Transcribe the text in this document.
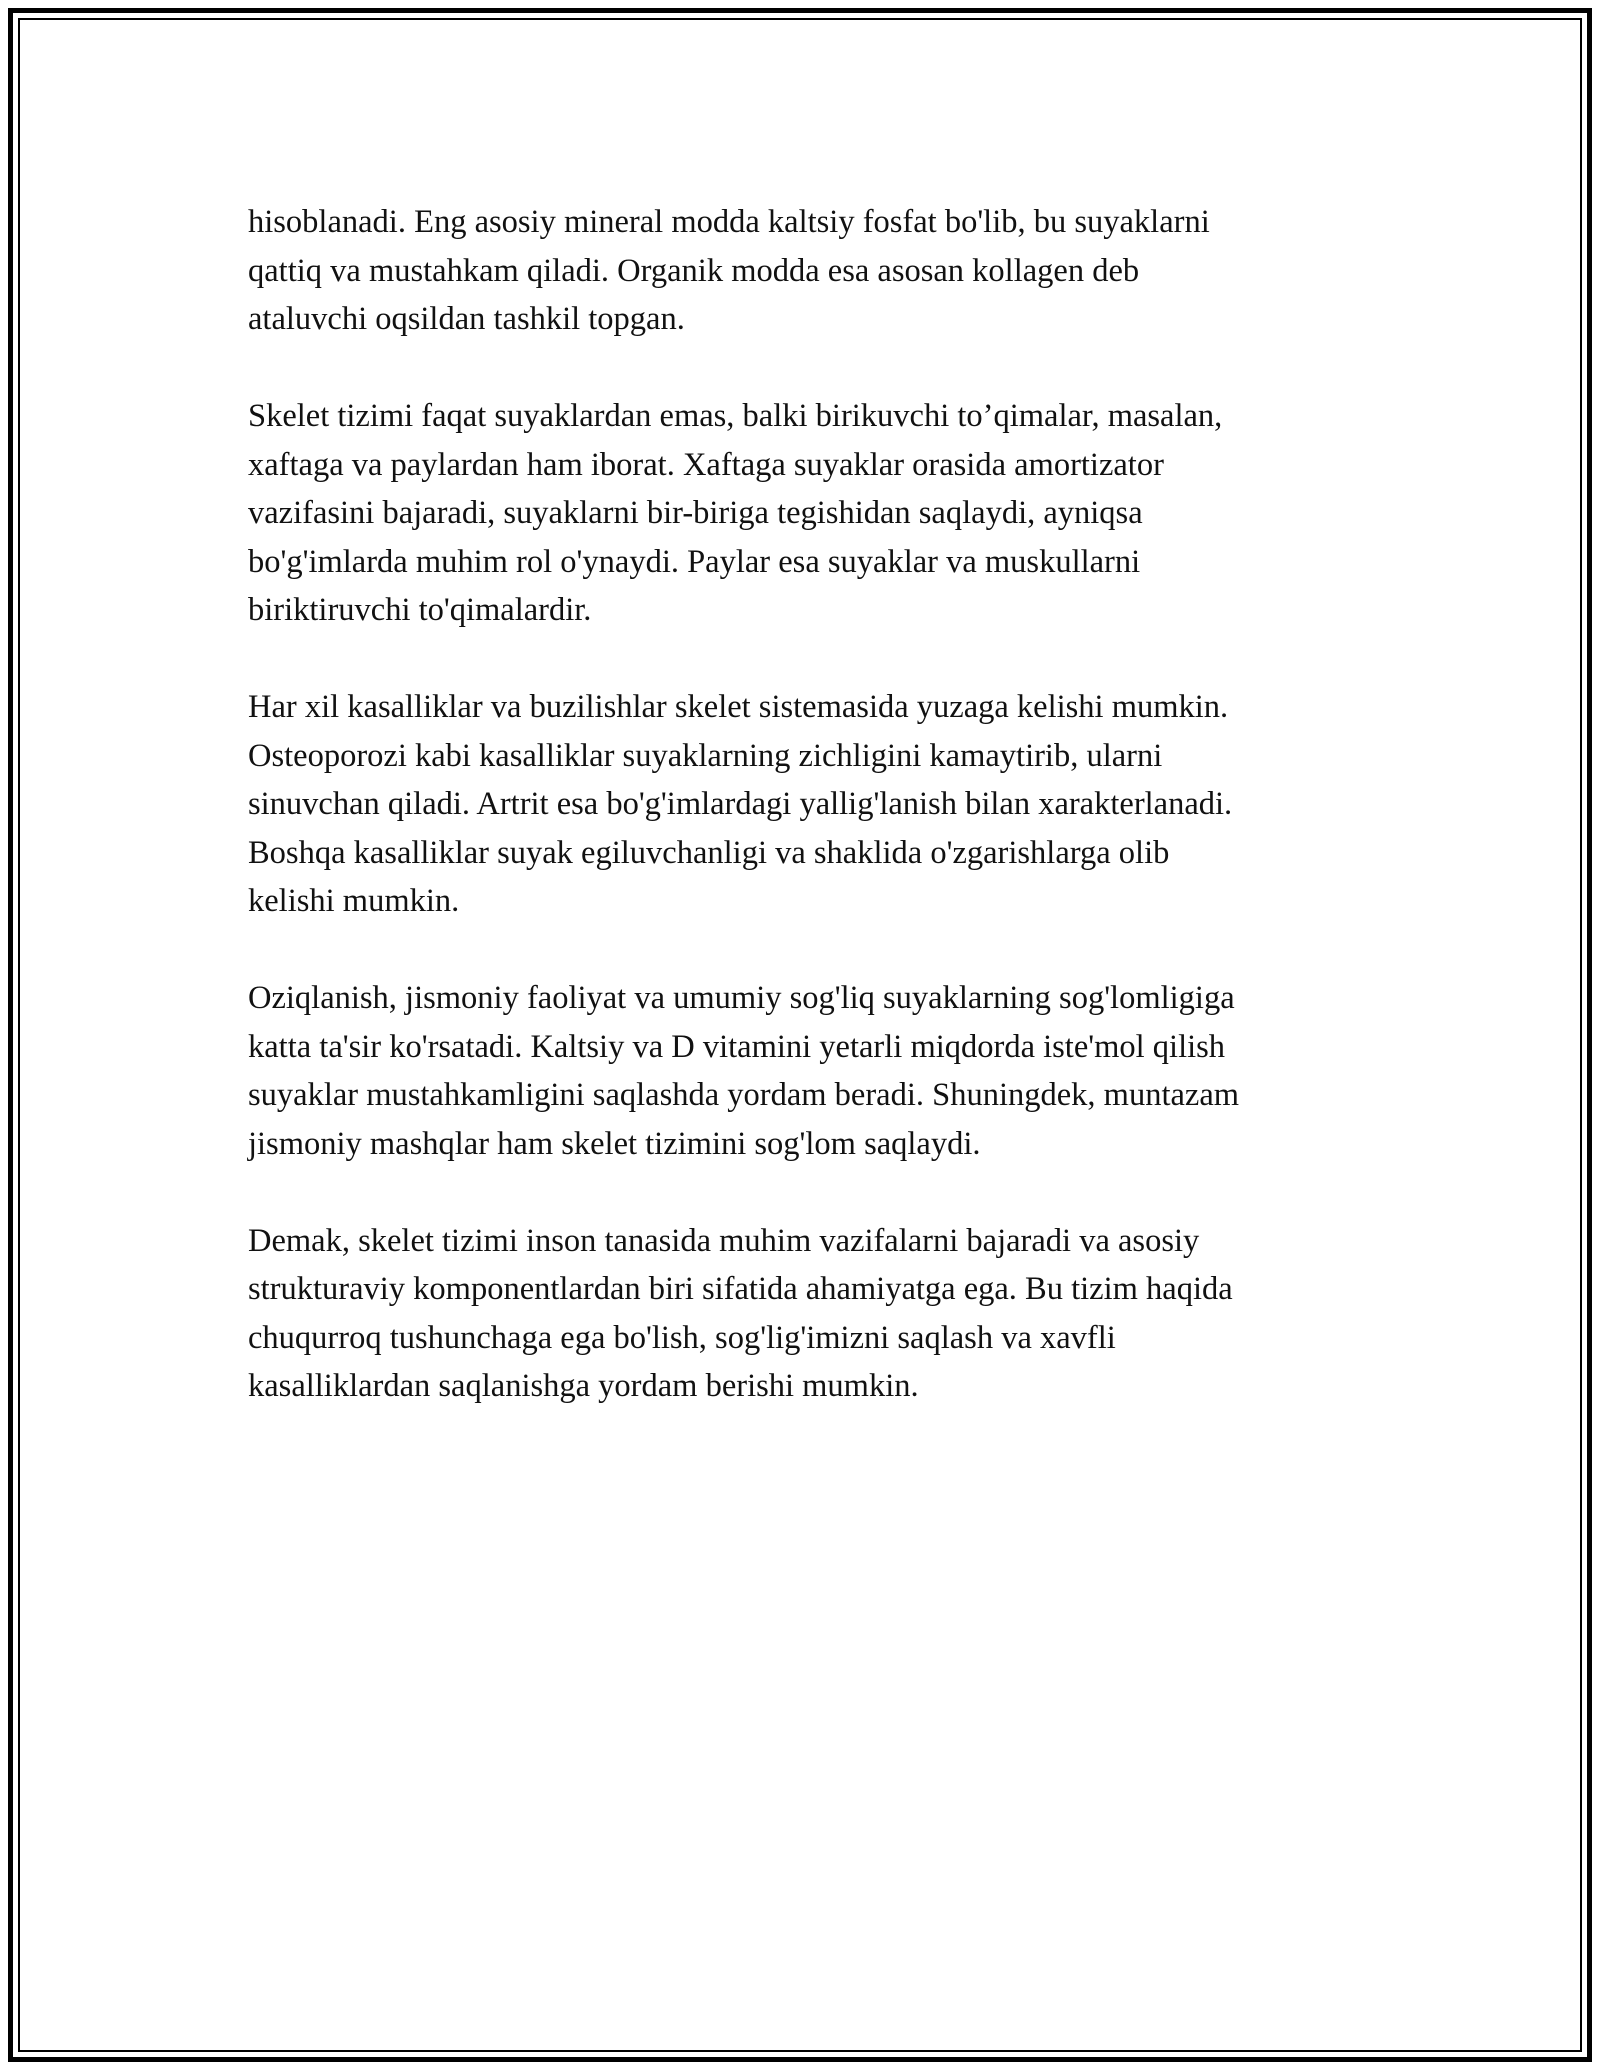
hisoblanadi. Eng asosiy mineral modda kaltsiy fosfat bo'lib, bu suyaklarni
qattiq va mustahkam qiladi. Organik modda esa asosan kollagen deb
ataluvchi oqsildan tashkil topgan.

Skelet tizimi faqat suyaklardan emas, balki birikuvchi to’qimalar, masalan,
xaftaga va paylardan ham iborat. Xaftaga suyaklar orasida amortizator
vazifasini bajaradi, suyaklarni bir-biriga tegishidan saqlaydi, ayniqsa
bo'g'imlarda muhim rol o'ynaydi. Paylar esa suyaklar va muskullarni
biriktiruvchi to'qimalardir.

Har xil kasalliklar va buzilishlar skelet sistemasida yuzaga kelishi mumkin.
Osteoporozi kabi kasalliklar suyaklarning zichligini kamaytirib, ularni
sinuvchan qiladi. Artrit esa bo'g'imlardagi yallig'lanish bilan xarakterlanadi.
Boshqa kasalliklar suyak egiluvchanligi va shaklida o'zgarishlarga olib
kelishi mumkin.

Oziqlanish, jismoniy faoliyat va umumiy sog'liq suyaklarning sog'lomligiga
katta ta'sir ko'rsatadi. Kaltsiy va D vitamini yetarli miqdorda iste'mol qilish
suyaklar mustahkamligini saqlashda yordam beradi. Shuningdek, muntazam
jismoniy mashqlar ham skelet tizimini sog'lom saqlaydi.

Demak, skelet tizimi inson tanasida muhim vazifalarni bajaradi va asosiy
strukturaviy komponentlardan biri sifatida ahamiyatga ega. Bu tizim haqida
chuqurroq tushunchaga ega bo'lish, sog'lig'imizni saqlash va xavfli
kasalliklardan saqlanishga yordam berishi mumkin.
